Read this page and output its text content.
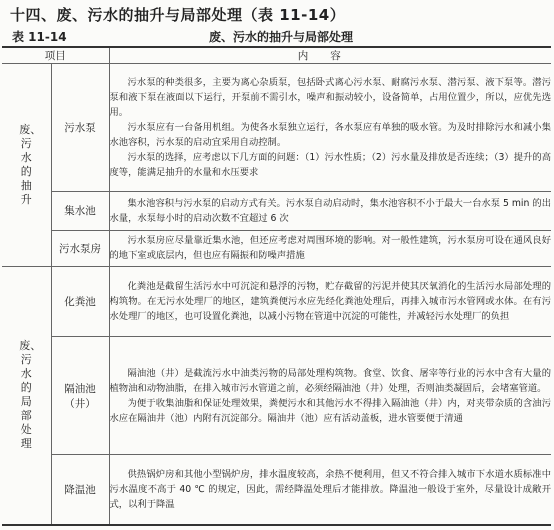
十四、废、污水的抽升与局部处理（表 11-14）
表 11-14	废、污水的抽升与局部处理
项目		内容
废、污水的抽升	污水泵	污水泵的种类很多，主要为离心杂质泵，包括卧式离心污水泵、耐腐污水泵、潜污泵、液下泵等。潜污泵和液下泵在液面以下运行，开泵前不需引水，噪声和振动较小，设备简单，占用位置少，所以，应优先选用。

污水泵应有一台备用机组。为使各水泵独立运行，各水泵应有单独的吸水管。为及时排除污水和减小集水池容积，污水泵的启动宜采用自动控制。

污水泵的选择，应考虑以下几方面的问题：（1）污水性质；（2）污水量及排放是否连续；（3）提升的高度等，能满足抽升的水量和水压要求

	集水池	集水池容积与污水泵的启动方式有关。污水泵自动启动时，集水池容积不小于最大一台水泵 5 min 的出水量，水泵每小时的启动次数不宜超过 6 次

	污水泵房	污水泵房应尽量靠近集水池，但还应考虑对周围环境的影响。对一般性建筑，污水泵房可设在通风良好的地下室或底层内，但也应有隔振和防噪声措施

废、污水的局部处理	化粪池	化粪池是截留生活污水中可沉淀和悬浮的污物，贮存截留的污泥并使其厌氧消化的生活污水局部处理的构筑物。在无污水处理厂的地区，建筑粪便污水应先经化粪池处理后，再排入城市污水管网或水体。在有污水处理厂的地区，也可设置化粪池，以减小污物在管道中沉淀的可能性，并减轻污水处理厂的负担

	隔油池（井）	隔油池（井）是截流污水中油类污物的局部处理构筑物。食堂、饮食、屠宰等行业的污水中含有大量的植物油和动物油脂，在排入城市污水管道之前，必须经隔油池（井）处理，否则油类凝固后，会堵塞管道。

为便于收集油脂和保证处理效果，粪便污水和其他污水不得排入隔油池（井）内，对夹带杂质的含油污水应在隔油井（池）内附有沉淀部分。隔油井（池）应有活动盖板，进水管要便于清通

	降温池	供热锅炉房和其他小型锅炉房，排水温度较高，余热不便利用，但又不符合排入城市下水道水质标准中污水温度不高于 40 ℃ 的规定，因此，需经降温处理后才能排放。降温池一般设于室外，尽量设计成敞开式，以利于降温
